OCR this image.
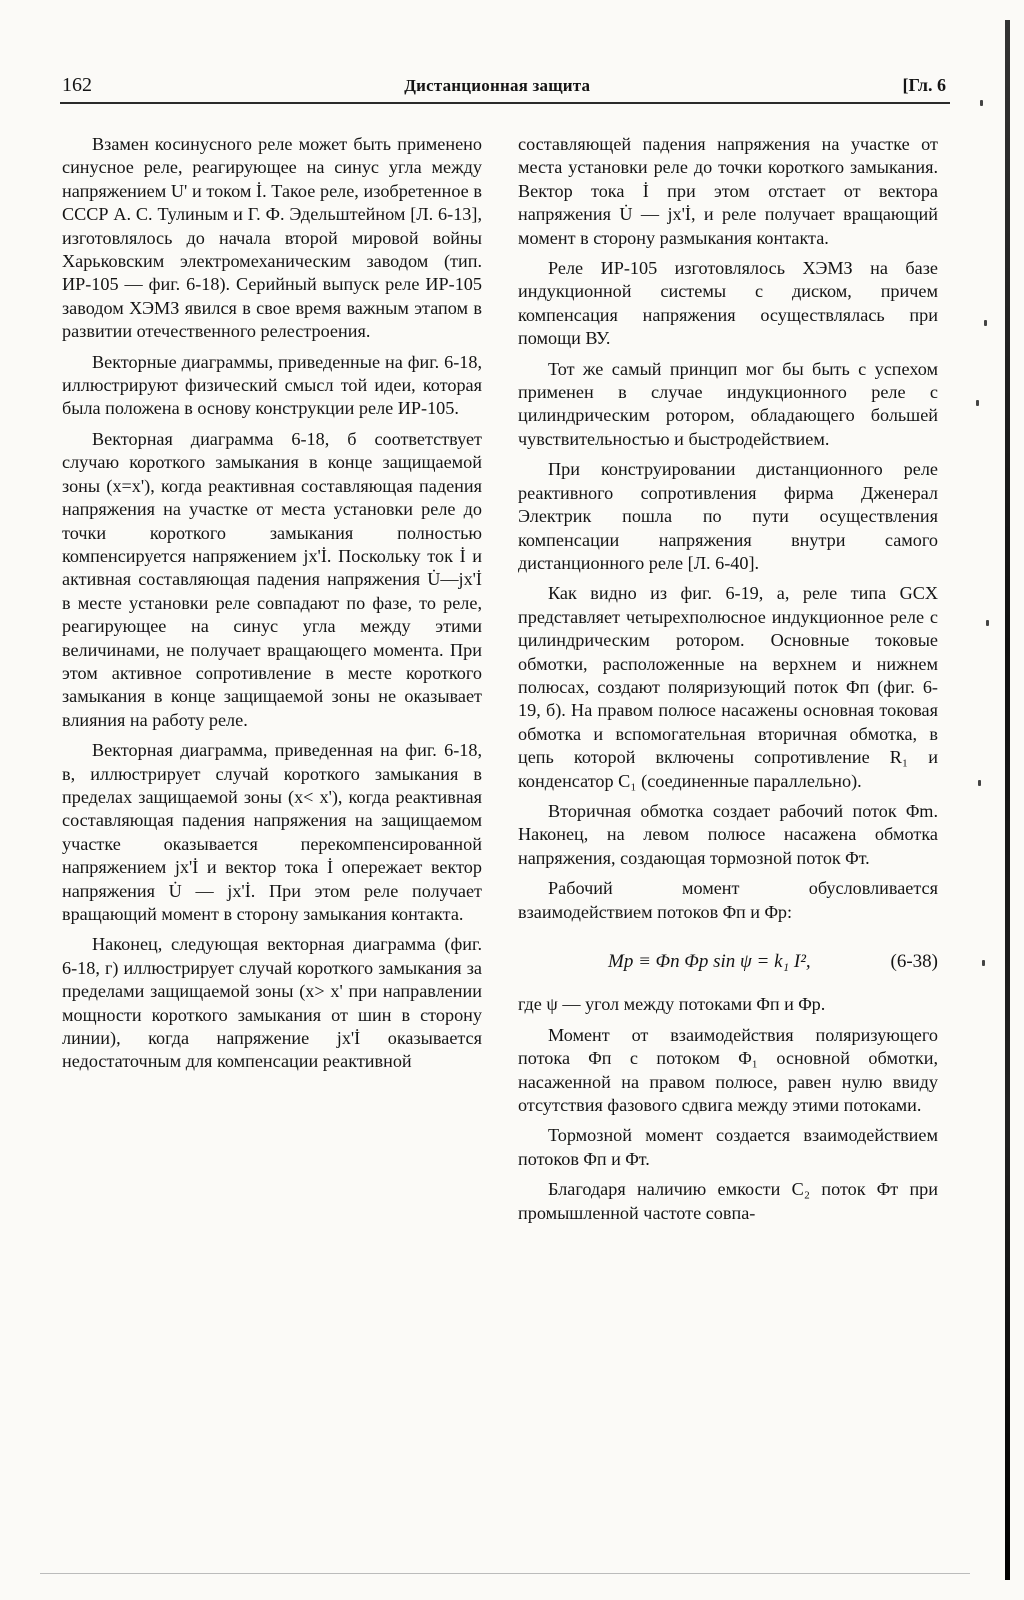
162	Дистанционная защита	[Гл. 6

Взамен косинусного реле может быть применено синусное реле, реагирующее на синус угла между напряжением U' и током İ. Такое реле, изобретенное в СССР А. С. Тулиным и Г. Ф. Эдельштейном [Л. 6-13], изготовлялось до начала второй мировой войны Харьковским электромеханическим заводом (тип. ИР-105 — фиг. 6-18). Серийный выпуск реле ИР-105 заводом ХЭМЗ явился в свое время важным этапом в развитии отечественного релестроения.

Векторные диаграммы, приведенные на фиг. 6-18, иллюстрируют физический смысл той идеи, которая была положена в основу конструкции реле ИР-105.

Векторная диаграмма 6-18, б соответствует случаю короткого замыкания в конце защищаемой зоны (x=x'), когда реактивная составляющая падения напряжения на участке от места установки реле до точки короткого замыкания полностью компенсируется напряжением jx'İ. Поскольку ток İ и активная составляющая падения напряжения U̇—jx'İ в месте установки реле совпадают по фазе, то реле, реагирующее на синус угла между этими величинами, не получает вращающего момента. При этом активное сопротивление в месте короткого замыкания в конце защищаемой зоны не оказывает влияния на работу реле.

Векторная диаграмма, приведенная на фиг. 6-18, в, иллюстрирует случай короткого замыкания в пределах защищаемой зоны (x< x'), когда реактивная составляющая падения напряжения на защищаемом участке оказывается перекомпенсированной напряжением jx'İ и вектор тока İ опережает вектор напряжения U̇ — jx'İ. При этом реле получает вращающий момент в сторону замыкания контакта.

Наконец, следующая векторная диаграмма (фиг. 6-18, г) иллюстрирует случай короткого замыкания за пределами защищаемой зоны (x> x' при направлении мощности короткого замыкания от шин в сторону линии), когда напряжение jx'İ оказывается недостаточным для компенсации реактивной

составляющей падения напряжения на участке от места установки реле до точки короткого замыкания. Вектор тока İ при этом отстает от вектора напряжения U̇ — jx'İ, и реле получает вращающий момент в сторону размыкания контакта.

Реле ИР-105 изготовлялось ХЭМЗ на базе индукционной системы с диском, причем компенсация напряжения осуществлялась при помощи ВУ.

Тот же самый принцип мог бы быть с успехом применен в случае индукционного реле с цилиндрическим ротором, обладающего большей чувствительностью и быстродействием.

При конструировании дистанционного реле реактивного сопротивления фирма Дженерал Электрик пошла по пути осуществления компенсации напряжения внутри самого дистанционного реле [Л. 6-40].

Как видно из фиг. 6-19, а, реле типа GCX представляет четырехполюсное индукционное реле с цилиндрическим ротором. Основные токовые обмотки, расположенные на верхнем и нижнем полюсах, создают поляризующий поток Φп (фиг. 6-19, б). На правом полюсе насажены основная токовая обмотка и вспомогательная вторичная обмотка, в цепь которой включены сопротивление R₁ и конденсатор C₁ (соединенные параллельно).

Вторичная обмотка создает рабочий поток Φm. Наконец, на левом полюсе насажена обмотка напряжения, создающая тормозной поток Φт.

Рабочий момент обусловливается взаимодействием потоков Φп и Φр:

Mр ≡ Φп Φр sin ψ = k₁ I²,	(6-38)

где ψ — угол между потоками Φп и Φр.

Момент от взаимодействия поляризующего потока Φп с потоком Φ₁ основной обмотки, насаженной на правом полюсе, равен нулю ввиду отсутствия фазового сдвига между этими потоками.

Тормозной момент создается взаимодействием потоков Φп и Φт.

Благодаря наличию емкости C₂ поток Φт при промышленной частоте совпа-
